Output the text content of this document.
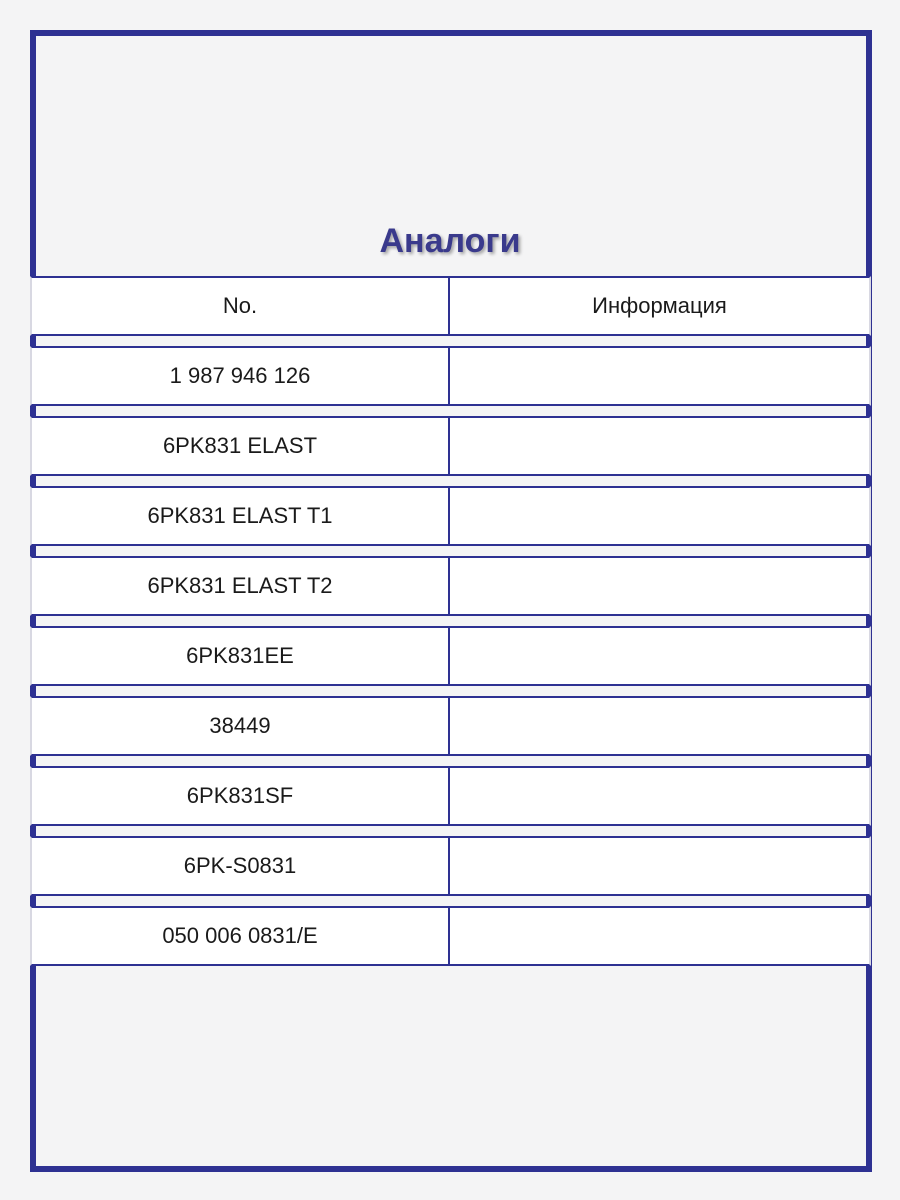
Аналоги
No.	Информация
1 987 946 126
6PK831 ELAST
6PK831 ELAST T1
6PK831 ELAST T2
6PK831EE
38449
6PK831SF
6PK-S0831
050 006 0831/E
